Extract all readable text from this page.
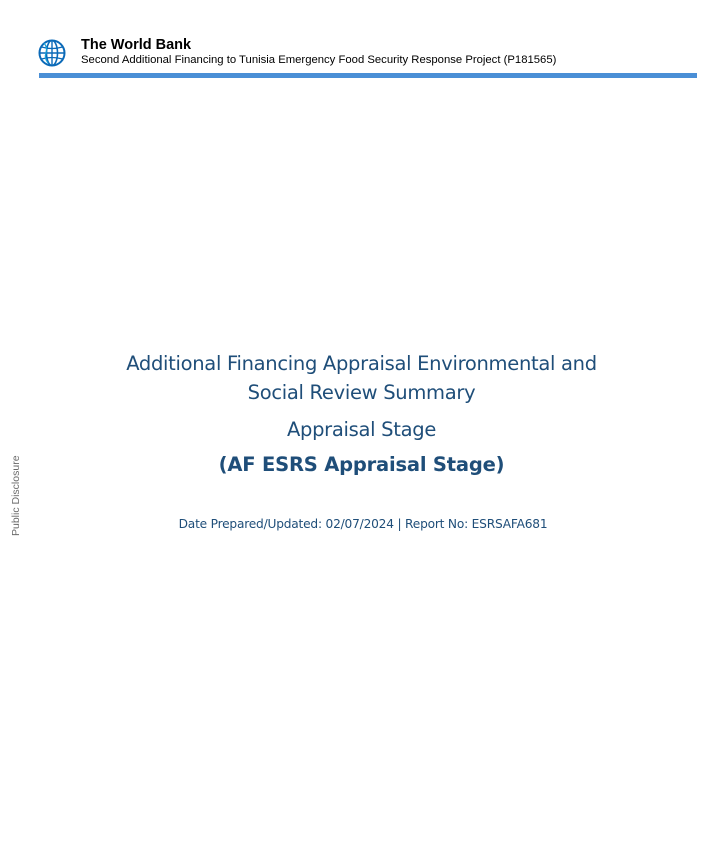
The World Bank
Second Additional Financing to Tunisia Emergency Food Security Response Project (P181565)
Public Disclosure
Additional Financing Appraisal Environmental and
Social Review Summary
Appraisal Stage
(AF ESRS Appraisal Stage)
Date Prepared/Updated: 02/07/2024 | Report No: ESRSAFA681
